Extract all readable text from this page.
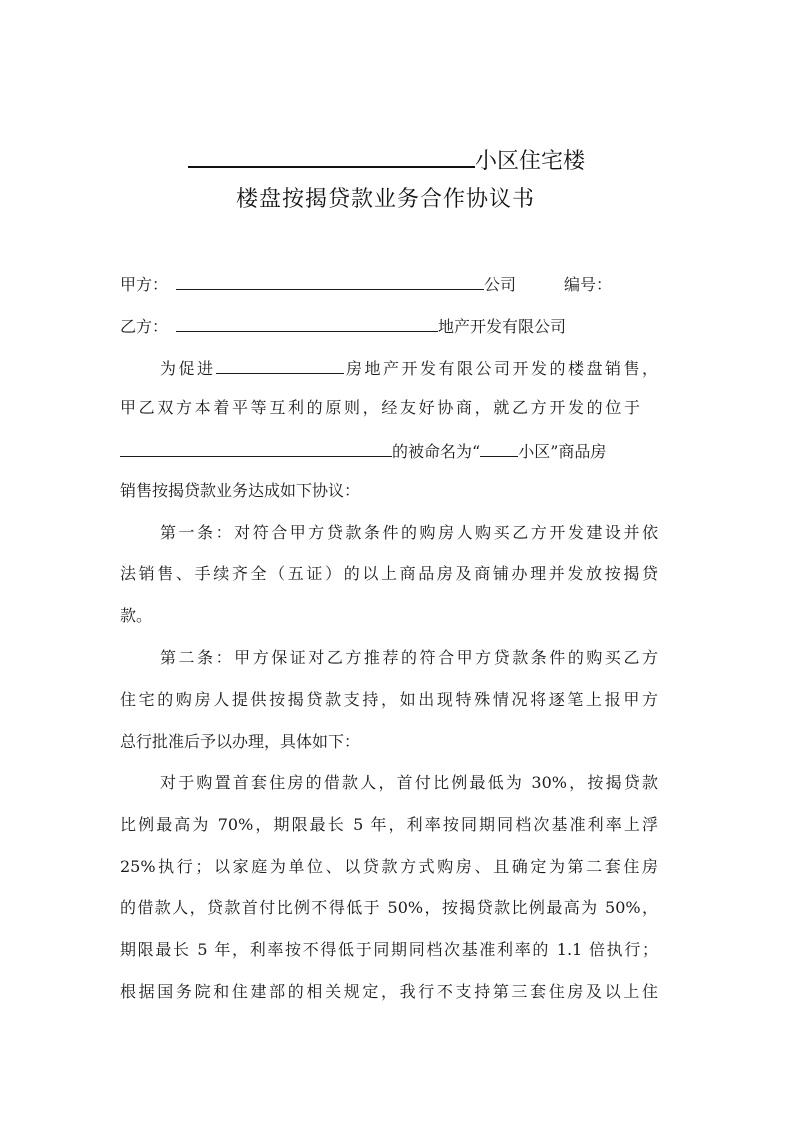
小区住宅楼
楼盘按揭贷款业务合作协议书
甲方：	公司	编号：
乙方：	地产开发有限公司
为促进	房地产开发有限公司开发的楼盘销售，
甲乙双方本着平等互利的原则，经友好协商，就乙方开发的位于
的被命名为“ 小区”商品房
销售按揭贷款业务达成如下协议：
第一条：对符合甲方贷款条件的购房人购买乙方开发建设并依
法销售、手续齐全（五证）的以上商品房及商铺办理并发放按揭贷
款。
第二条：甲方保证对乙方推荐的符合甲方贷款条件的购买乙方
住宅的购房人提供按揭贷款支持，如出现特殊情况将逐笔上报甲方
总行批准后予以办理，具体如下：
对于购置首套住房的借款人，首付比例最低为 30%，按揭贷款
比例最高为 70%，期限最长 5 年，利率按同期同档次基准利率上浮
25%执行；以家庭为单位、以贷款方式购房、且确定为第二套住房
的借款人，贷款首付比例不得低于 50%，按揭贷款比例最高为 50%，
期限最长 5 年，利率按不得低于同期同档次基准利率的 1.1 倍执行；
根据国务院和住建部的相关规定，我行不支持第三套住房及以上住
